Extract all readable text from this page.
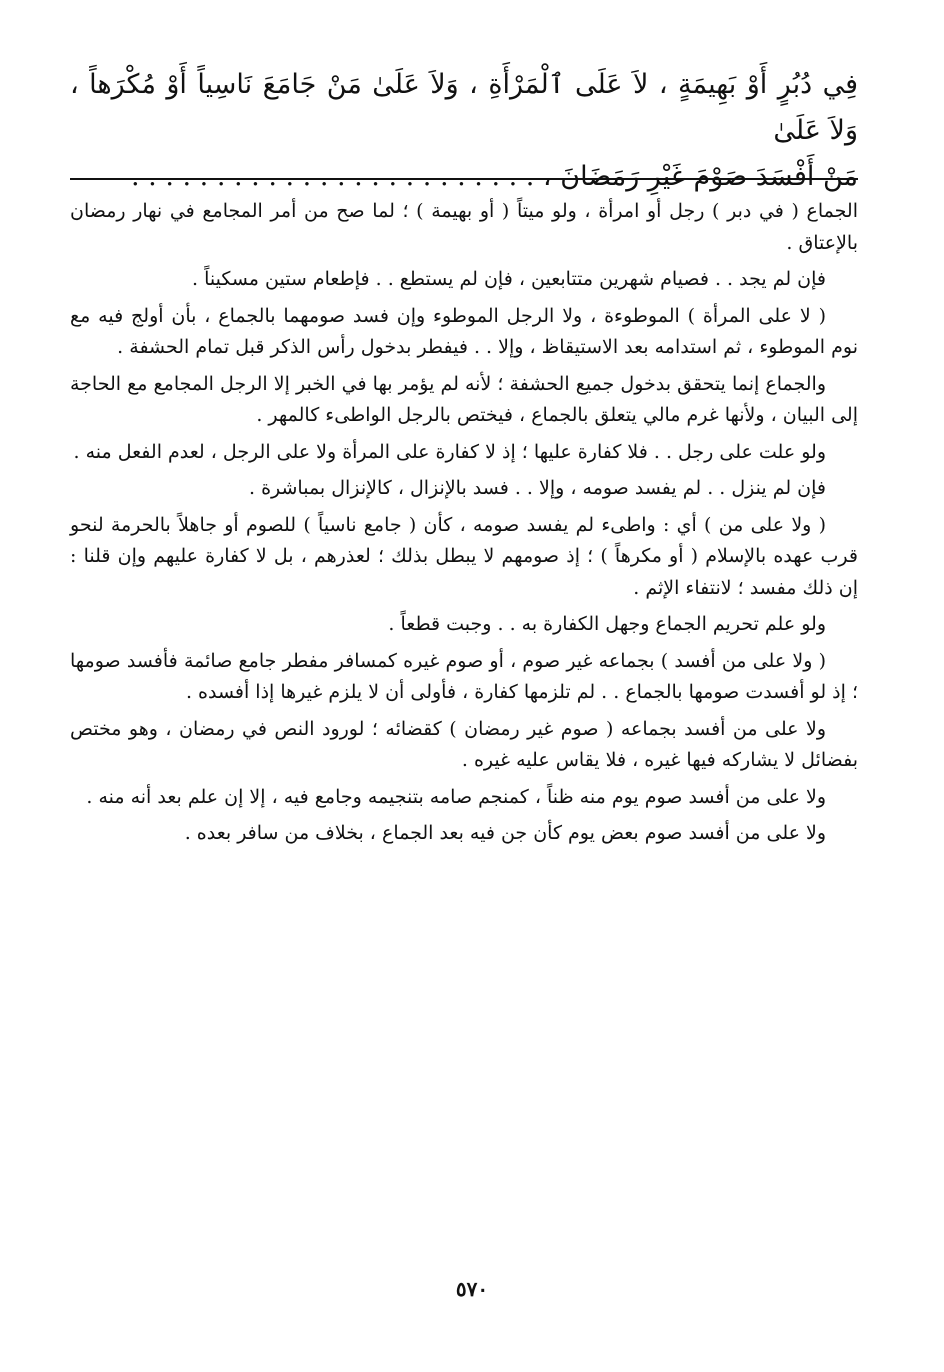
فِي دُبُرٍ أَوْ بَهِيمَةٍ ، لاَ عَلَى ٱلْمَرْأَةِ ، وَلاَ عَلَىٰ مَنْ جَامَعَ نَاسِياً أَوْ مُكْرَهاً ، وَلاَ عَلَىٰ

مَنْ أَفْسَدَ صَوْمَ غَيْرِ رَمَضَانَ ، . . . . . . . . . . . . . . . . . . . . . . . .

الجماع ( في دبر ) رجل أو امرأة ، ولو ميتاً ( أو بهيمة ) ؛ لما صح من أمر المجامع في نهار رمضان بالإعتاق .

فإن لم يجد . . فصيام شهرين متتابعين ، فإن لم يستطع . . فإطعام ستين مسكيناً .

( لا على المرأة ) الموطوءة ، ولا الرجل الموطوء وإن فسد صومهما بالجماع ، بأن أولج فيه مع نوم الموطوء ، ثم استدامه بعد الاستيقاظ ، وإلا . . فيفطر بدخول رأس الذكر قبل تمام الحشفة .

والجماع إنما يتحقق بدخول جميع الحشفة ؛ لأنه لم يؤمر بها في الخبر إلا الرجل المجامع مع الحاجة إلى البيان ، ولأنها غرم مالي يتعلق بالجماع ، فيختص بالرجل الواطىء كالمهر .

ولو علت على رجل . . فلا كفارة عليها ؛ إذ لا كفارة على المرأة ولا على الرجل ، لعدم الفعل منه .

فإن لم ينزل . . لم يفسد صومه ، وإلا . . فسد بالإنزال ، كالإنزال بمباشرة .

( ولا على من ) أي : واطىء لم يفسد صومه ، كأن ( جامع ناسياً ) للصوم أو جاهلاً بالحرمة لنحو قرب عهده بالإسلام ( أو مكرهاً ) ؛ إذ صومهم لا يبطل بذلك ؛ لعذرهم ، بل لا كفارة عليهم وإن قلنا : إن ذلك مفسد ؛ لانتفاء الإثم .

ولو علم تحريم الجماع وجهل الكفارة به . . وجبت قطعاً .

( ولا على من أفسد ) بجماعه غير صوم ، أو صوم غيره كمسافر مفطر جامع صائمة فأفسد صومها ؛ إذ لو أفسدت صومها بالجماع . . لم تلزمها كفارة ، فأولى أن لا يلزم غيرها إذا أفسده .

ولا على من أفسد بجماعه ( صوم غير رمضان ) كقضائه ؛ لورود النص في رمضان ، وهو مختص بفضائل لا يشاركه فيها غيره ، فلا يقاس عليه غيره .

ولا على من أفسد صوم يوم منه ظناً ، كمنجم صامه بتنجيمه وجامع فيه ، إلا إن علم بعد أنه منه .

ولا على من أفسد صوم بعض يوم كأن جن فيه بعد الجماع ، بخلاف من سافر بعده .

٥٧٠
